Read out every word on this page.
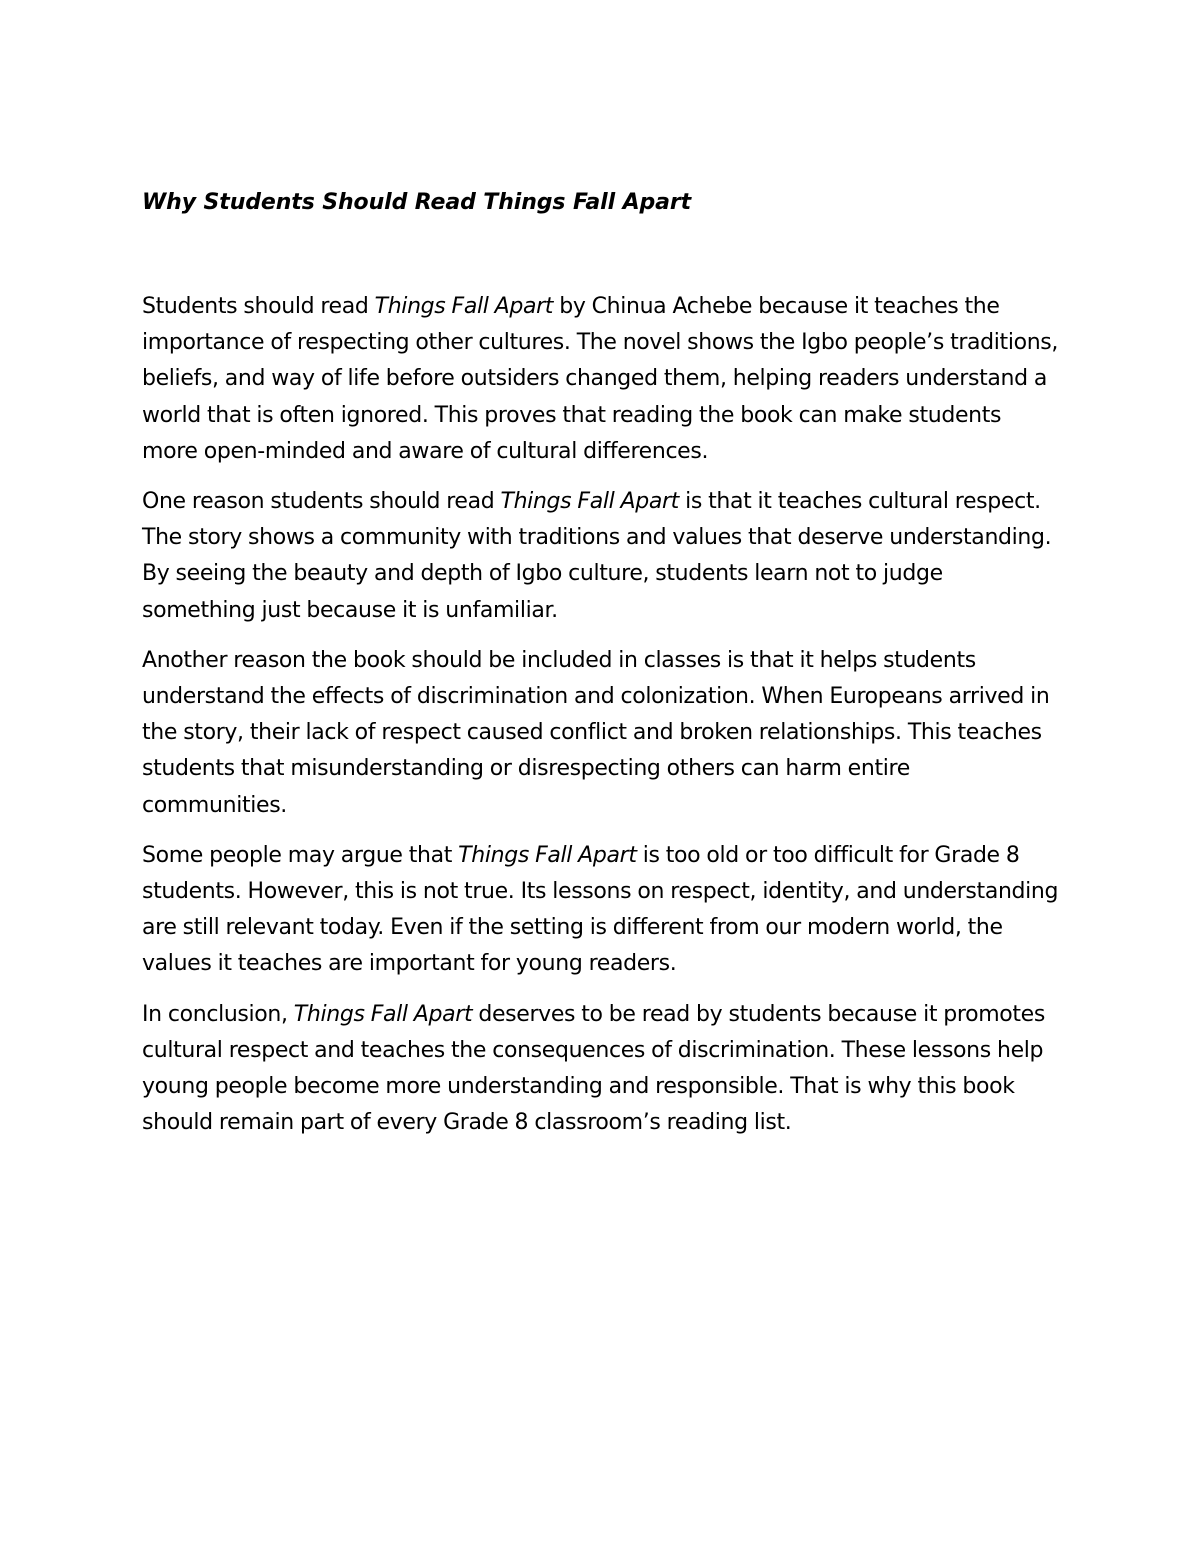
Why Students Should Read Things Fall Apart

Students should read Things Fall Apart by Chinua Achebe because it teaches the importance of respecting other cultures. The novel shows the Igbo people’s traditions, beliefs, and way of life before outsiders changed them, helping readers understand a world that is often ignored. This proves that reading the book can make students more open-minded and aware of cultural differences.

One reason students should read Things Fall Apart is that it teaches cultural respect. The story shows a community with traditions and values that deserve understanding. By seeing the beauty and depth of Igbo culture, students learn not to judge something just because it is unfamiliar.

Another reason the book should be included in classes is that it helps students understand the effects of discrimination and colonization. When Europeans arrived in the story, their lack of respect caused conflict and broken relationships. This teaches students that misunderstanding or disrespecting others can harm entire communities.

Some people may argue that Things Fall Apart is too old or too difficult for Grade 8 students. However, this is not true. Its lessons on respect, identity, and understanding are still relevant today. Even if the setting is different from our modern world, the values it teaches are important for young readers.

In conclusion, Things Fall Apart deserves to be read by students because it promotes cultural respect and teaches the consequences of discrimination. These lessons help young people become more understanding and responsible. That is why this book should remain part of every Grade 8 classroom’s reading list.
